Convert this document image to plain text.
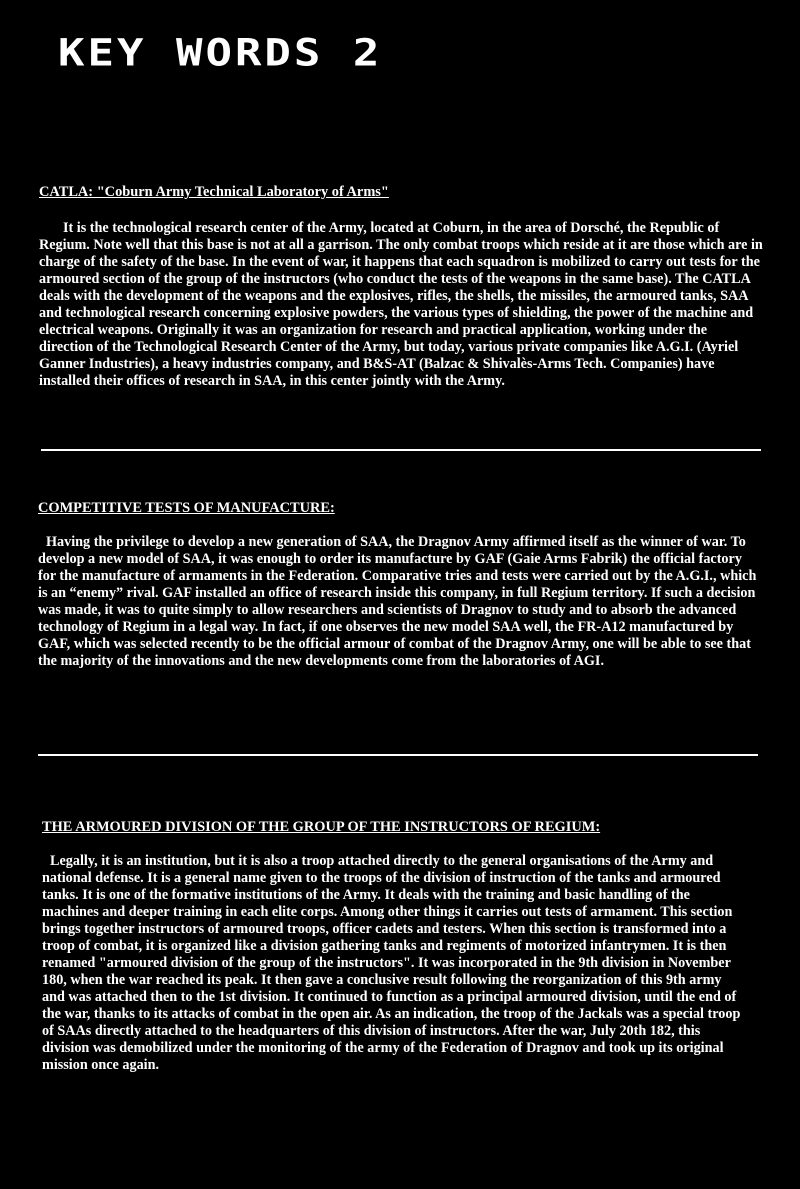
KEY WORDS 2
CATLA: "Coburn Army Technical Laboratory of Arms"

It is the technological research center of the Army, located at Coburn, in the area of Dorsché, the Republic of Regium. Note well that this base is not at all a garrison. The only combat troops which reside at it are those which are in charge of the safety of the base. In the event of war, it happens that each squadron is mobilized to carry out tests for the armoured section of the group of the instructors (who conduct the tests of the weapons in the same base). The CATLA deals with the development of the weapons and the explosives, rifles, the shells, the missiles, the armoured tanks, SAA and technological research concerning explosive powders, the various types of shielding, the power of the machine and electrical weapons. Originally it was an organization for research and practical application, working under the direction of the Technological Research Center of the Army, but today, various private companies like A.G.I. (Ayriel Ganner Industries), a heavy industries company, and B&S-AT (Balzac & Shivalès-Arms Tech. Companies) have installed their offices of research in SAA, in this center jointly with the Army.

COMPETITIVE TESTS OF MANUFACTURE:

Having the privilege to develop a new generation of SAA, the Dragnov Army affirmed itself as the winner of war. To develop a new model of SAA, it was enough to order its manufacture by GAF (Gaie Arms Fabrik) the official factory for the manufacture of armaments in the Federation. Comparative tries and tests were carried out by the A.G.I., which is an “enemy” rival. GAF installed an office of research inside this company, in full Regium territory. If such a decision was made, it was to quite simply to allow researchers and scientists of Dragnov to study and to absorb the advanced technology of Regium in a legal way. In fact, if one observes the new model SAA well, the FR-A12 manufactured by GAF, which was selected recently to be the official armour of combat of the Dragnov Army, one will be able to see that the majority of the innovations and the new developments come from the laboratories of AGI.

THE ARMOURED DIVISION OF THE GROUP OF THE INSTRUCTORS OF REGIUM:

Legally, it is an institution, but it is also a troop attached directly to the general organisations of the Army and national defense. It is a general name given to the troops of the division of instruction of the tanks and armoured tanks. It is one of the formative institutions of the Army. It deals with the training and basic handling of the machines and deeper training in each elite corps. Among other things it carries out tests of armament. This section brings together instructors of armoured troops, officer cadets and testers. When this section is transformed into a troop of combat, it is organized like a division gathering tanks and regiments of motorized infantrymen. It is then renamed "armoured division of the group of the instructors". It was incorporated in the 9th division in November 180, when the war reached its peak. It then gave a conclusive result following the reorganization of this 9th army and was attached then to the 1st division. It continued to function as a principal armoured division, until the end of the war, thanks to its attacks of combat in the open air. As an indication, the troop of the Jackals was a special troop of SAAs directly attached to the headquarters of this division of instructors. After the war, July 20th 182, this division was demobilized under the monitoring of the army of the Federation of Dragnov and took up its original mission once again.
